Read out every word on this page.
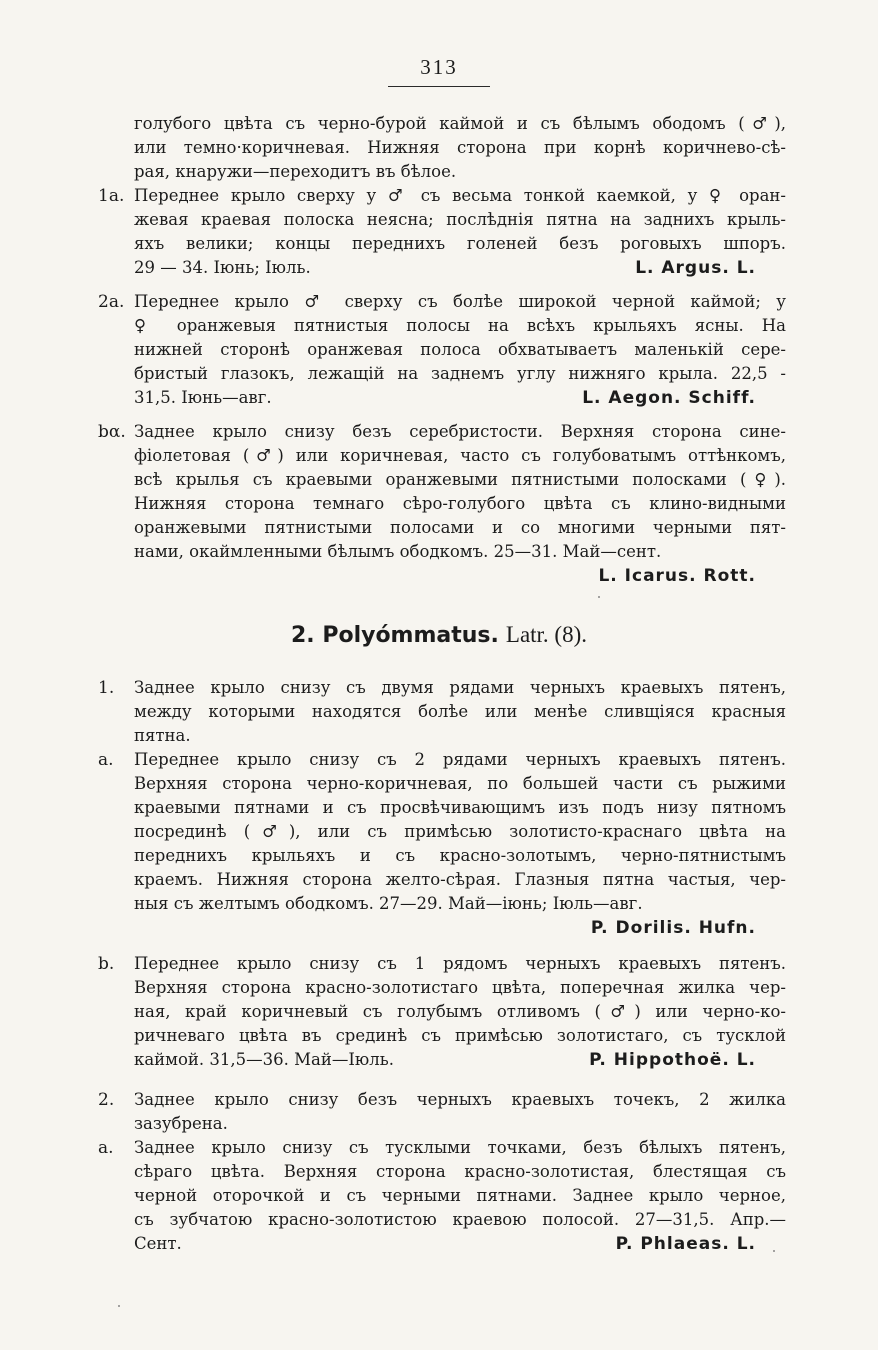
313
голубого цвѣта съ черно-бурой каймой и съ бѣлымъ ободомъ (♂),
или темно·коричневая. Нижняя сторона при корнѣ коричнево-сѣ-
рая, кнаружи—переходитъ въ бѣлое.
1a. Переднее крыло сверху у ♂ съ весьма тонкой каемкой, у ♀ оран-
жевая краевая полоска неясна; послѣднія пятна на заднихъ крыль-
яхъ велики; концы переднихъ голеней безъ роговыхъ шпоръ.
29 — 34. Іюнь; Іюль.	L. Argus. L.
2a. Переднее крыло ♂ сверху съ болѣе широкой черной каймой; у
♀ оранжевыя пятнистыя полосы на всѣхъ крыльяхъ ясны. На
нижней сторонѣ оранжевая полоса обхватываетъ маленькій сере-
бристый глазокъ, лежащій на заднемъ углу нижняго крыла. 22,5 -
31,5. Іюнь—авг.	L. Aegon. Schiff.
bα. Заднее крыло снизу безъ серебристости. Верхняя сторона сине-
фіолетовая (♂) или коричневая, часто съ голубоватымъ оттѣнкомъ,
всѣ крылья съ краевыми оранжевыми пятнистыми полосками (♀).
Нижняя сторона темнаго сѣро-голубого цвѣта съ клино-видными
оранжевыми пятнистыми полосами и со многими черными пят-
нами, окаймленными бѣлымъ ободкомъ. 25—31. Май—сент.
L. Icarus. Rott.
2. Polyómmatus. Latr. (8).
1.	Заднее крыло снизу съ двумя рядами черныхъ краевыхъ пятенъ,
между которыми находятся болѣе или менѣе сливщіяся красныя
пятна.
a.	Переднее крыло снизу съ 2 рядами черныхъ краевыхъ пятенъ.
Верхняя сторона черно-коричневая, по большей части съ рыжими
краевыми пятнами и съ просвѣчивающимъ изъ подъ низу пятномъ
посрединѣ (♂), или съ примѣсью золотисто-краснаго цвѣта на
переднихъ крыльяхъ и съ красно-золотымъ, черно-пятнистымъ
краемъ. Нижняя сторона желто-сѣрая. Глазныя пятна частыя, чер-
ныя съ желтымъ ободкомъ. 27—29. Май—іюнь; Іюль—авг.
P. Dorilis. Hufn.
b.	Переднее крыло снизу съ 1 рядомъ черныхъ краевыхъ пятенъ.
Верхняя сторона красно-золотистаго цвѣта, поперечная жилка чер-
ная, край коричневый съ голубымъ отливомъ (♂) или черно-ко-
ричневаго цвѣта въ срединѣ съ примѣсью золотистаго, съ тусклой
каймой. 31,5—36. Май—Іюль.	P. Hippothoë. L.
2.	Заднее крыло снизу безъ черныхъ краевыхъ точекъ, 2 жилка
зазубрена.
a.	Заднее крыло снизу съ тусклыми точками, безъ бѣлыхъ пятенъ,
сѣраго цвѣта. Верхняя сторона красно-золотистая, блестящая съ
черной оторочкой и съ черными пятнами. Заднее крыло черное,
съ зубчатою красно-золотистою краевою полосой. 27—31,5. Апр.—
Сент.	P. Phlaeas. L.
